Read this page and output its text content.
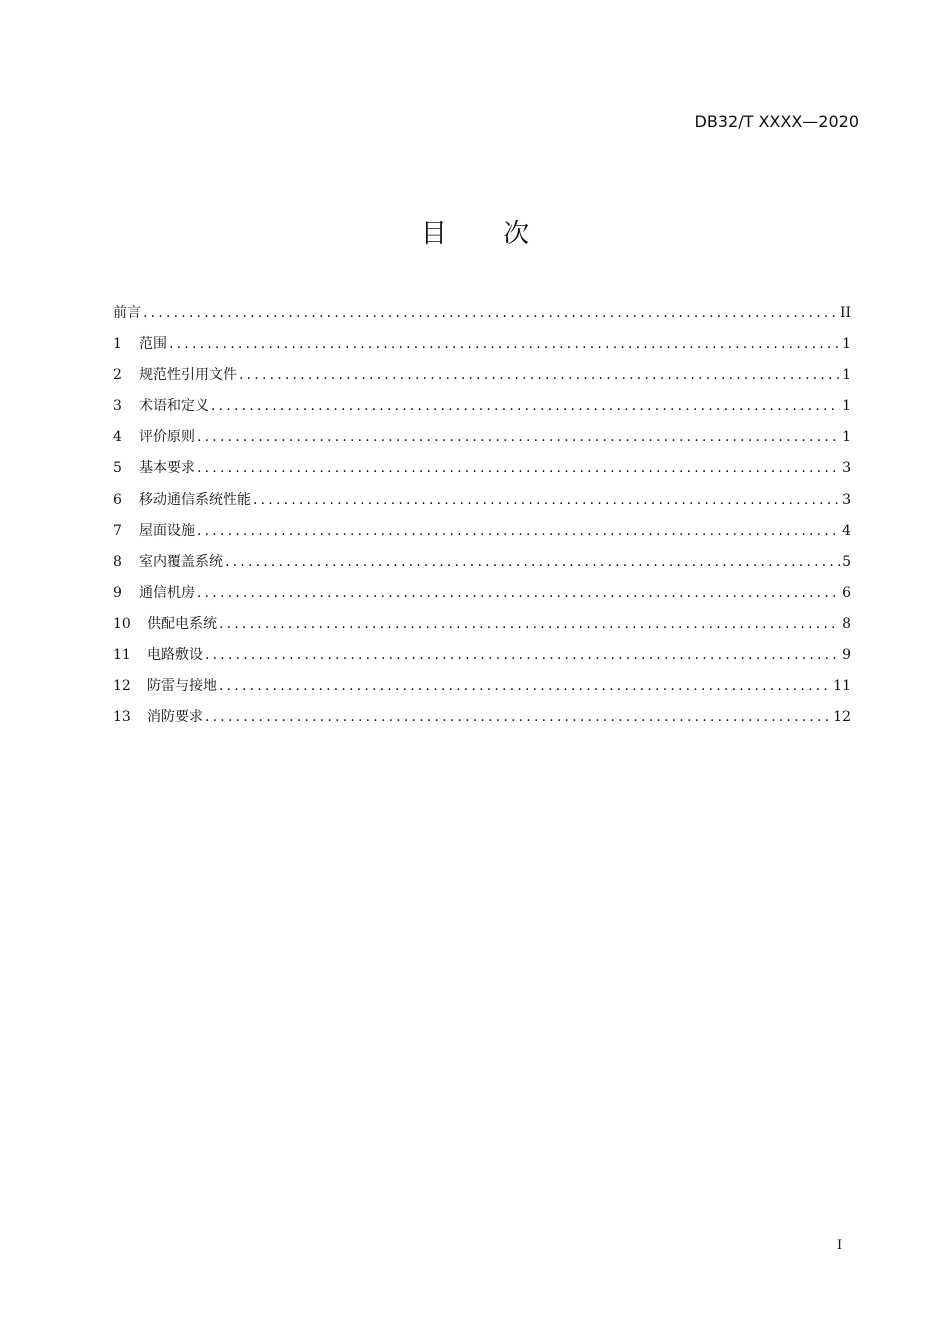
DB32/T XXXX—2020
目 次
前言 .....	II
1	范围 .....	1
2	规范性引用文件 .....	1
3	术语和定义 .....	1
4	评价原则 .....	1
5	基本要求 .....	3
6	移动通信系统性能 .....	3
7	屋面设施 .....	4
8	室内覆盖系统 .....	5
9	通信机房 .....	6
10	供配电系统 .....	8
11	电路敷设 .....	9
12	防雷与接地 .....	11
13	消防要求 .....	12
I
